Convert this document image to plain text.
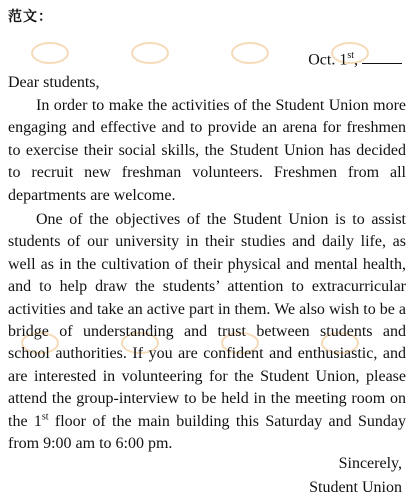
范文：
Oct. 1st,
Dear students,

In order to make the activities of the Student Union more engaging and effective and to provide an arena for freshmen to exercise their social skills, the Student Union has decided to recruit new freshman volunteers. Freshmen from all departments are welcome.

One of the objectives of the Student Union is to assist students of our university in their studies and daily life, as well as in the cultivation of their physical and mental health, and to help draw the students’ attention to extracurricular activities and take an active part in them. We also wish to be a bridge of understanding and trust between students and school authorities. If you are confident and enthusiastic, and are interested in volunteering for the Student Union, please attend the group-interview to be held in the meeting room on the 1st floor of the main building this Saturday and Sunday from 9:00 am to 6:00 pm.

Sincerely,
Student Union
